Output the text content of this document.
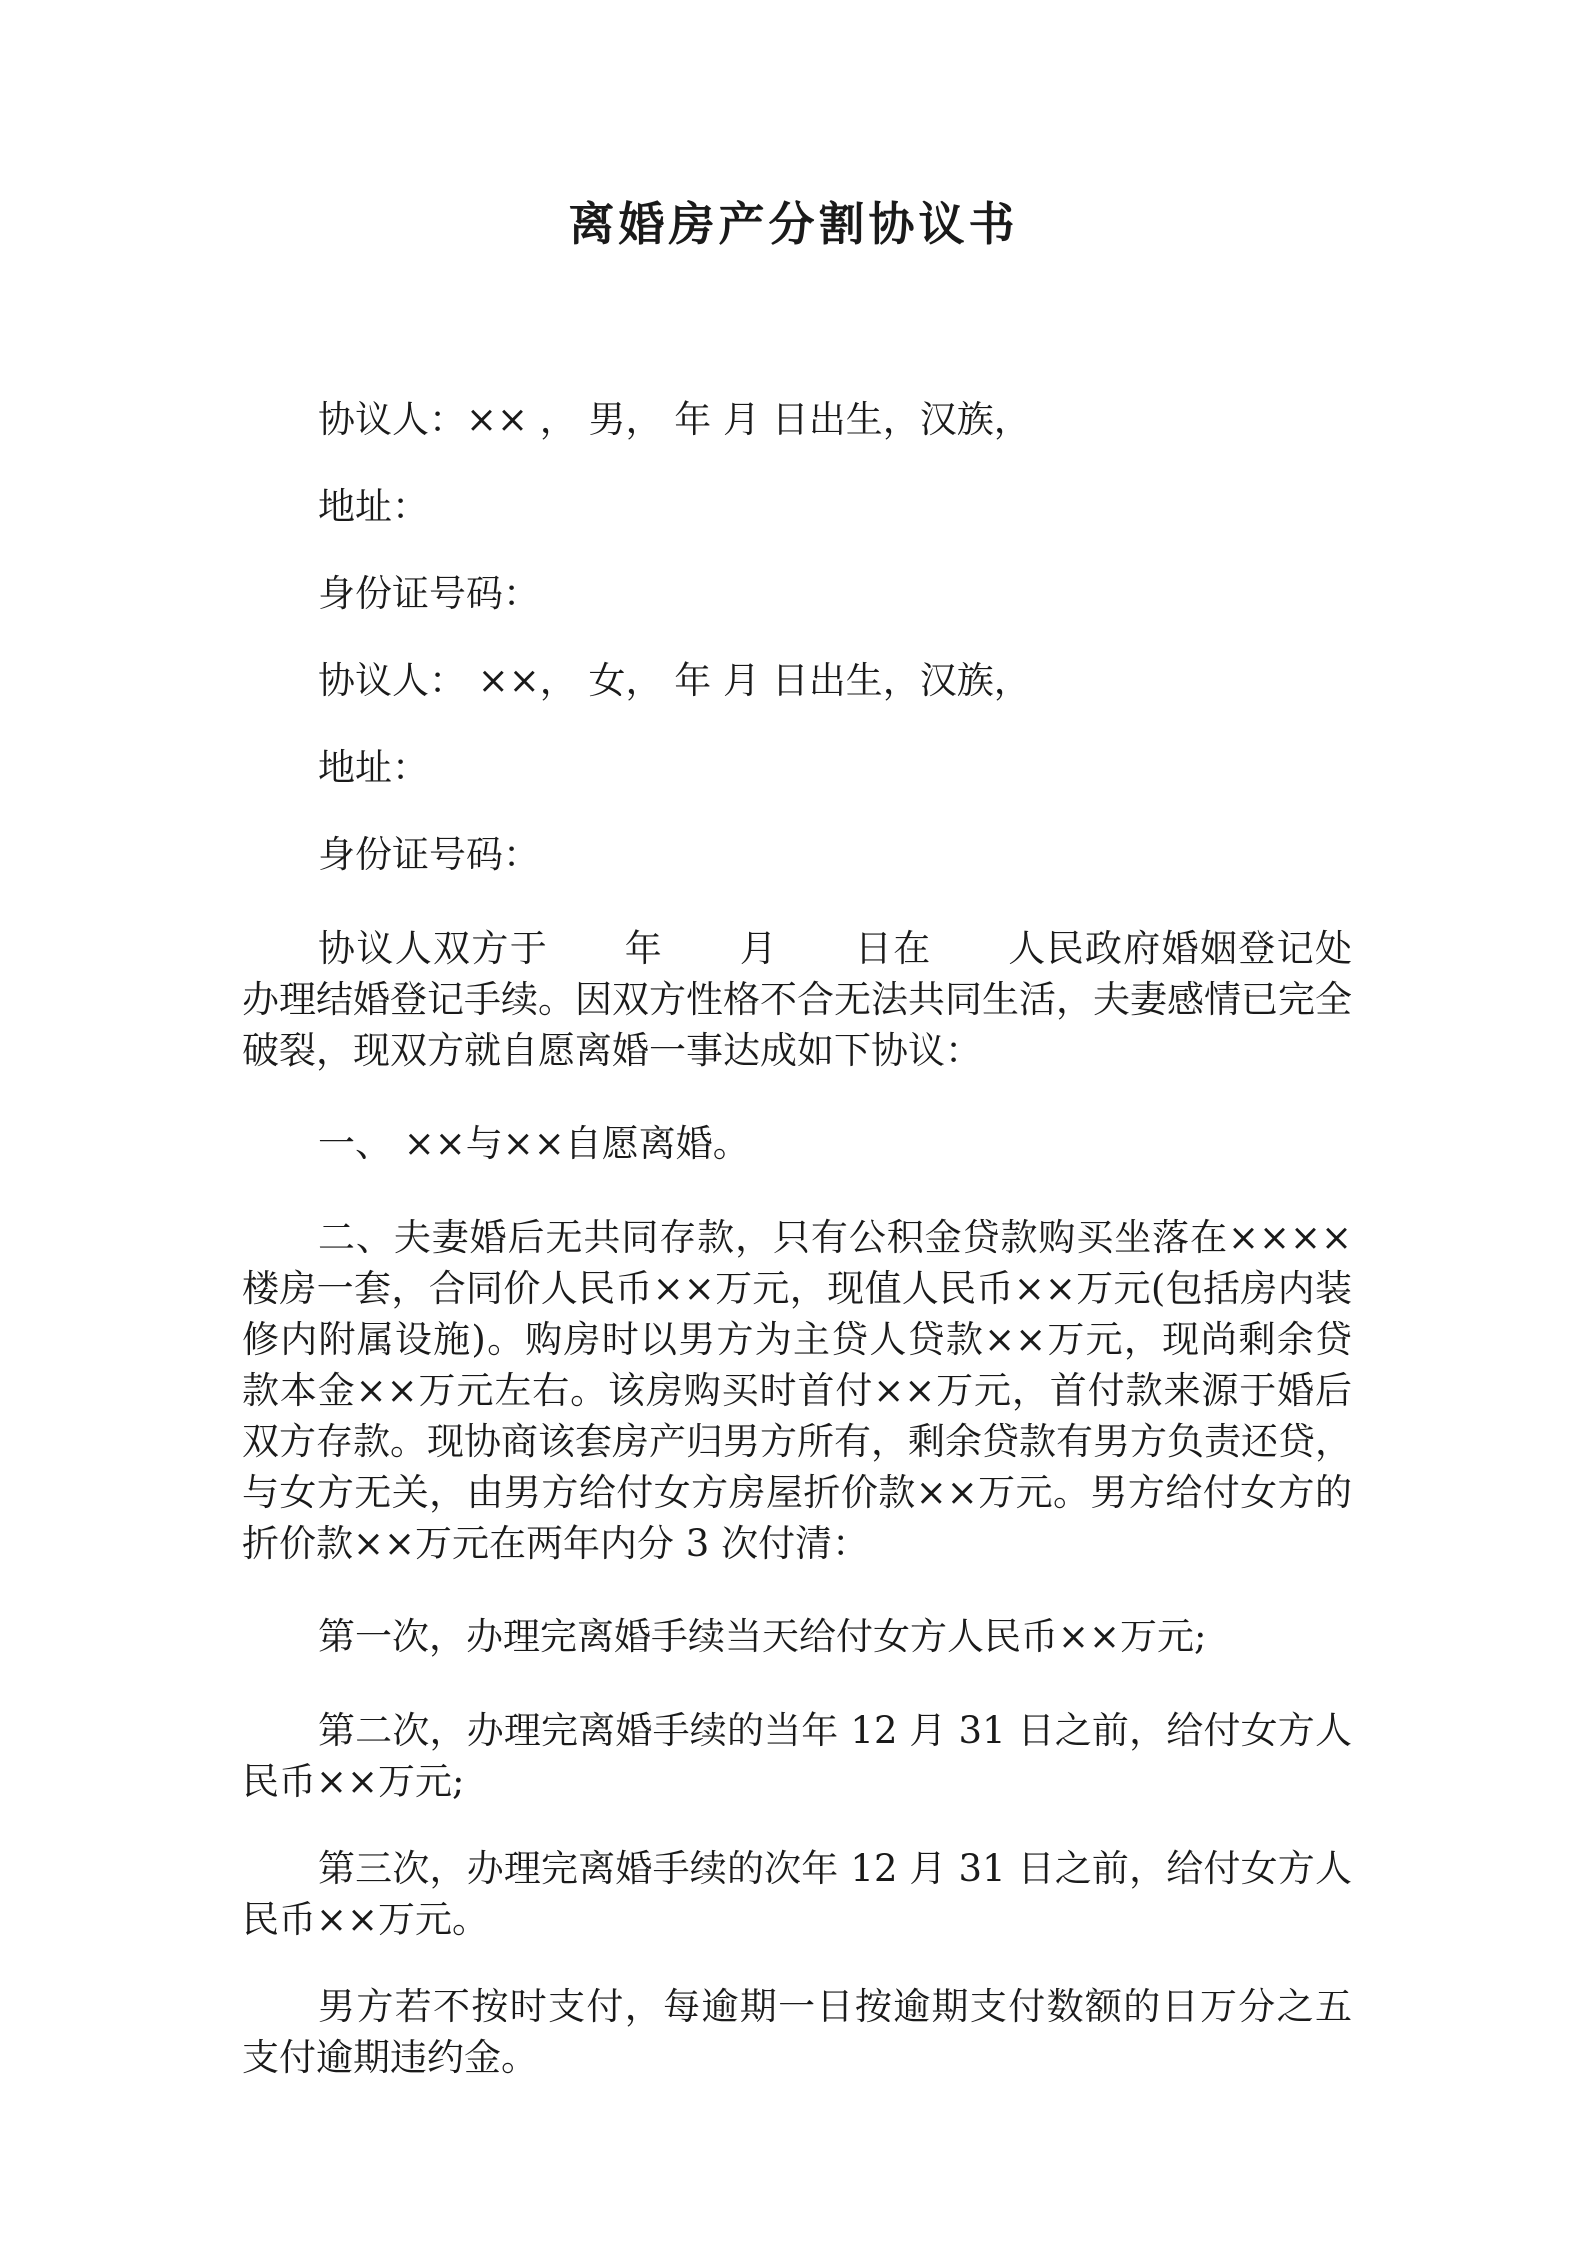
离婚房产分割协议书

协议人：×× ， 男， 年 月 日出生，汉族，

地址：

身份证号码：

协议人： ××， 女， 年 月 日出生，汉族，

地址：

身份证号码：

协议人双方于　　年　　月　　日在　　人民政府婚姻登记处办理结婚登记手续。因双方性格不合无法共同生活，夫妻感情已完全破裂，现双方就自愿离婚一事达成如下协议：

一、 ××与××自愿离婚。

二、夫妻婚后无共同存款，只有公积金贷款购买坐落在××××楼房一套，合同价人民币××万元，现值人民币××万元(包括房内装修内附属设施)。购房时以男方为主贷人贷款××万元，现尚剩余贷款本金××万元左右。该房购买时首付××万元，首付款来源于婚后双方存款。现协商该套房产归男方所有，剩余贷款有男方负责还贷，与女方无关，由男方给付女方房屋折价款××万元。男方给付女方的折价款××万元在两年内分 3 次付清：

第一次，办理完离婚手续当天给付女方人民币××万元;

第二次，办理完离婚手续的当年 12 月 31 日之前，给付女方人民币××万元;

第三次，办理完离婚手续的次年 12 月 31 日之前，给付女方人民币××万元。

男方若不按时支付，每逾期一日按逾期支付数额的日万分之五支付逾期违约金。
